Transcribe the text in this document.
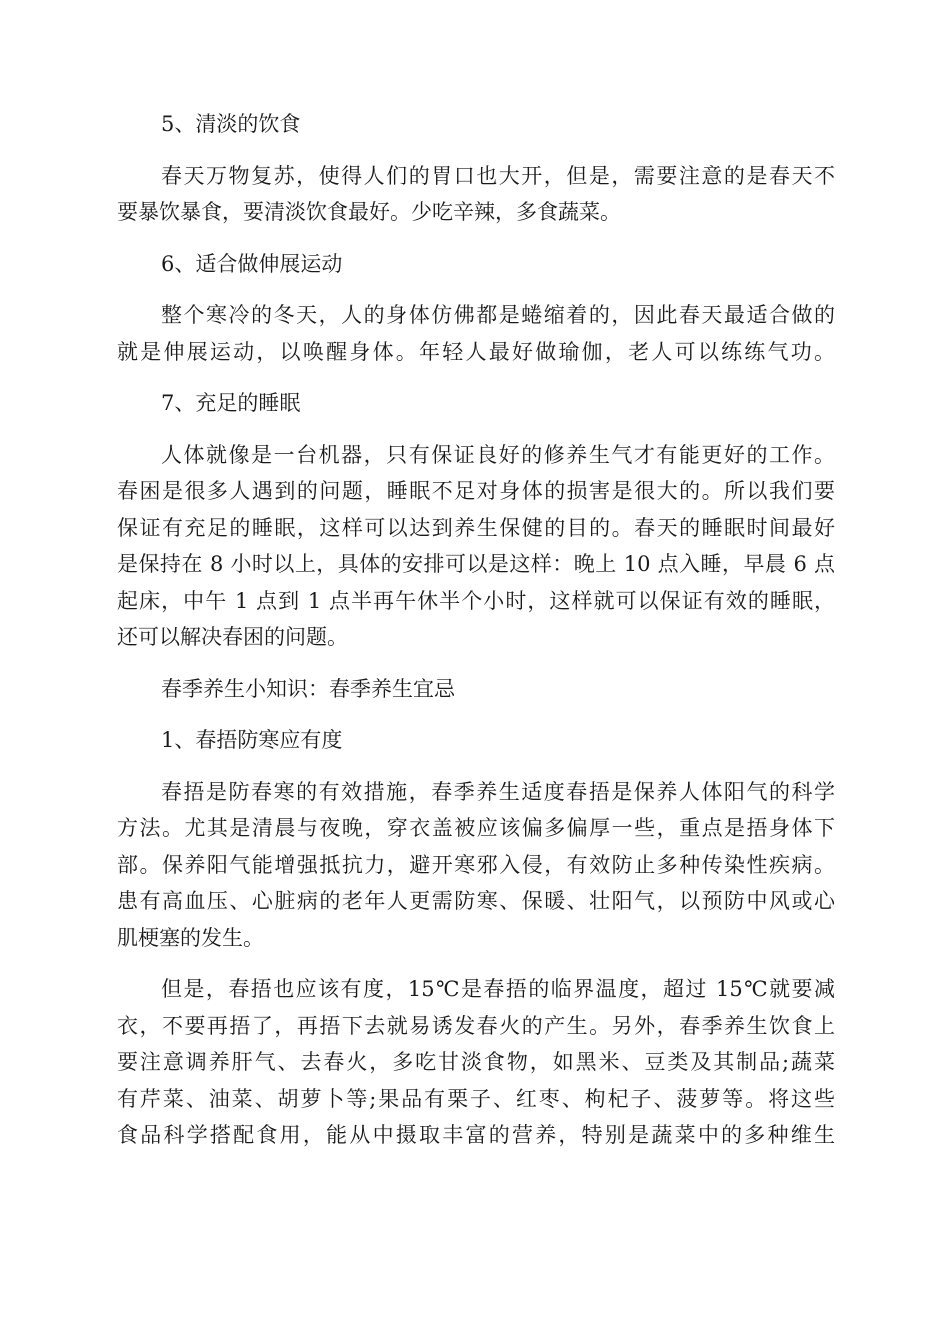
5、清淡的饮食
春天万物复苏，使得人们的胃口也大开，但是，需要注意的是春天不
要暴饮暴食，要清淡饮食最好。少吃辛辣，多食蔬菜。
6、适合做伸展运动
整个寒冷的冬天，人的身体仿佛都是蜷缩着的，因此春天最适合做的
就是伸展运动，以唤醒身体。年轻人最好做瑜伽，老人可以练练气功。
7、充足的睡眠
人体就像是一台机器，只有保证良好的修养生气才有能更好的工作。
春困是很多人遇到的问题，睡眠不足对身体的损害是很大的。所以我们要
保证有充足的睡眠，这样可以达到养生保健的目的。春天的睡眠时间最好
是保持在 8 小时以上，具体的安排可以是这样：晚上 10 点入睡，早晨 6 点
起床，中午 1 点到 1 点半再午休半个小时，这样就可以保证有效的睡眠，
还可以解决春困的问题。
春季养生小知识：春季养生宜忌
1、春捂防寒应有度
春捂是防春寒的有效措施，春季养生适度春捂是保养人体阳气的科学
方法。尤其是清晨与夜晚，穿衣盖被应该偏多偏厚一些，重点是捂身体下
部。保养阳气能增强抵抗力，避开寒邪入侵，有效防止多种传染性疾病。
患有高血压、心脏病的老年人更需防寒、保暖、壮阳气，以预防中风或心
肌梗塞的发生。
但是，春捂也应该有度，15℃是春捂的临界温度，超过 15℃就要减
衣，不要再捂了，再捂下去就易诱发春火的产生。另外，春季养生饮食上
要注意调养肝气、去春火，多吃甘淡食物，如黑米、豆类及其制品;蔬菜
有芹菜、油菜、胡萝卜等;果品有栗子、红枣、枸杞子、菠萝等。将这些
食品科学搭配食用，能从中摄取丰富的营养，特别是蔬菜中的多种维生
